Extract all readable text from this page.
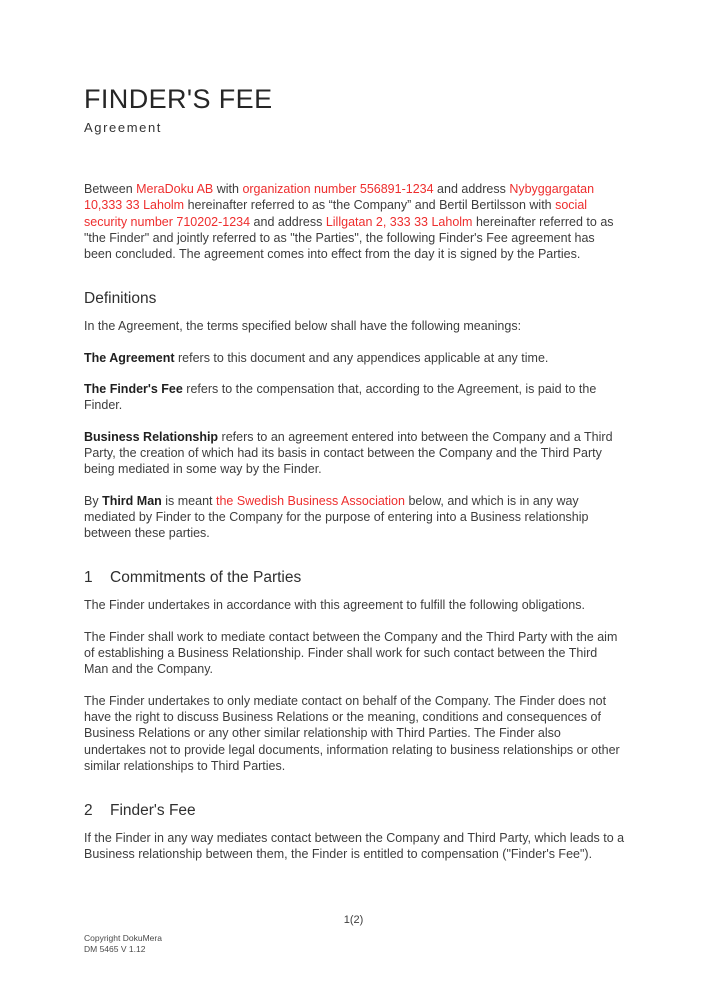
FINDER'S FEE
Agreement

Between MeraDoku AB with organization number 556891-1234 and address Nybyggargatan 10,333 33 Laholm hereinafter referred to as “the Company” and Bertil Bertilsson with social security number 710202-1234 and address Lillgatan 2, 333 33 Laholm hereinafter referred to as "the Finder" and jointly referred to as "the Parties", the following Finder's Fee agreement has been concluded. The agreement comes into effect from the day it is signed by the Parties.

Definitions

In the Agreement, the terms specified below shall have the following meanings:

The Agreement refers to this document and any appendices applicable at any time.

The Finder's Fee refers to the compensation that, according to the Agreement, is paid to the Finder.

Business Relationship refers to an agreement entered into between the Company and a Third Party, the creation of which had its basis in contact between the Company and the Third Party being mediated in some way by the Finder.

By Third Man is meant the Swedish Business Association below, and which is in any way mediated by Finder to the Company for the purpose of entering into a Business relationship between these parties.

1 Commitments of the Parties

The Finder undertakes in accordance with this agreement to fulfill the following obligations.

The Finder shall work to mediate contact between the Company and the Third Party with the aim of establishing a Business Relationship. Finder shall work for such contact between the Third Man and the Company.

The Finder undertakes to only mediate contact on behalf of the Company. The Finder does not have the right to discuss Business Relations or the meaning, conditions and consequences of Business Relations or any other similar relationship with Third Parties. The Finder also undertakes not to provide legal documents, information relating to business relationships or other similar relationships to Third Parties.

2 Finder's Fee

If the Finder in any way mediates contact between the Company and Third Party, which leads to a Business relationship between them, the Finder is entitled to compensation ("Finder's Fee").

1(2)
Copyright DokuMera
DM 5465 V 1.12
